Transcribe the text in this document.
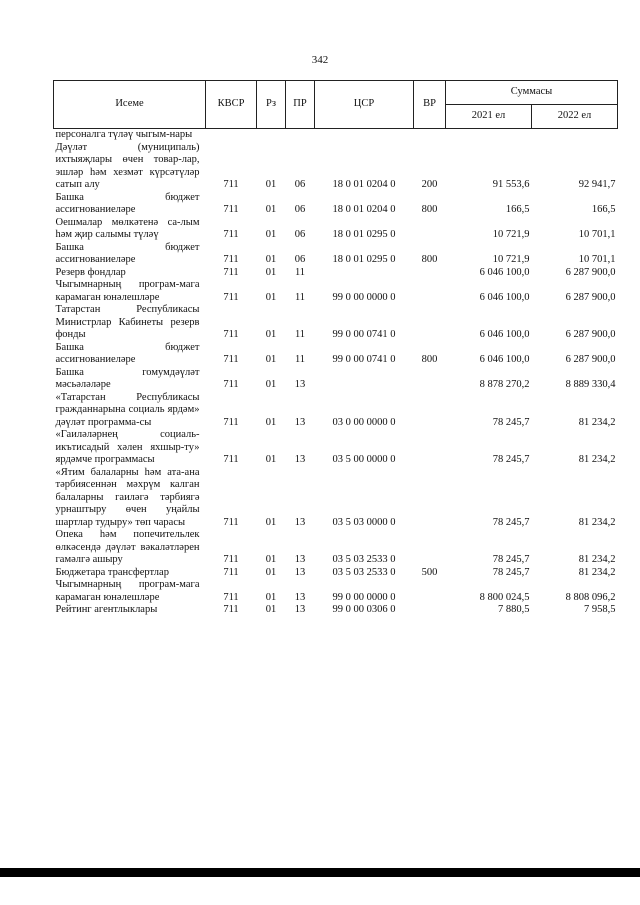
342
Исеме	КВСР	Рз	ПР	ЦСР	ВР	Суммасы	
						2021 ел	2022 ел
персоналга түләү чыгым-нары							
Дәүләт (муниципаль) ихтыяҗлары өчен товар-лар, эшләр һәм хезмәт күрсәтүләр сатып алу	711	01	06	18 0 01 0204 0	200	91 553,6	92 941,7
Башка бюджет ассигнованиеләре	711	01	06	18 0 01 0204 0	800	166,5	166,5
Оешмалар мөлкәтенә са-лым һәм җир салымы түләү	711	01	06	18 0 01 0295 0		10 721,9	10 701,1
Башка бюджет ассигнованиеләре	711	01	06	18 0 01 0295 0	800	10 721,9	10 701,1
Резерв фондлар	711	01	11			6 046 100,0	6 287 900,0
Чыгымнарның програм-мага карамаган юнәлешләре	711	01	11	99 0 00 0000 0		6 046 100,0	6 287 900,0
Татарстан Республикасы Министрлар Кабинеты резерв фонды	711	01	11	99 0 00 0741 0		6 046 100,0	6 287 900,0
Башка бюджет ассигнованиеләре	711	01	11	99 0 00 0741 0	800	6 046 100,0	6 287 900,0
Башка гомумдәүләт мәсьәләләре	711	01	13			8 878 270,2	8 889 330,4
«Татарстан Республикасы гражданнарына социаль ярдәм» дәүләт программа-сы	711	01	13	03 0 00 0000 0		78 245,7	81 234,2
«Гаиләләрнең социаль-икътисадый хәлен яхшыр-ту» ярдәмче программасы	711	01	13	03 5 00 0000 0		78 245,7	81 234,2
«Ятим балаларны һәм ата-ана тәрбиясеннән мәхрүм калган балаларны гаиләгә тәрбиягә урнаштыру өчен уңайлы шартлар тудыру» төп чарасы	711	01	13	03 5 03 0000 0		78 245,7	81 234,2
Опека һәм попечительлек өлкәсендә дәүләт вәкаләтләрен гамәлгә ашыру	711	01	13	03 5 03 2533 0		78 245,7	81 234,2
Бюджетара трансфертлар	711	01	13	03 5 03 2533 0	500	78 245,7	81 234,2
Чыгымнарның програм-мага карамаган юнәлешләре	711	01	13	99 0 00 0000 0		8 800 024,5	8 808 096,2
Рейтинг агентлыклары	711	01	13	99 0 00 0306 0		7 880,5	7 958,5
